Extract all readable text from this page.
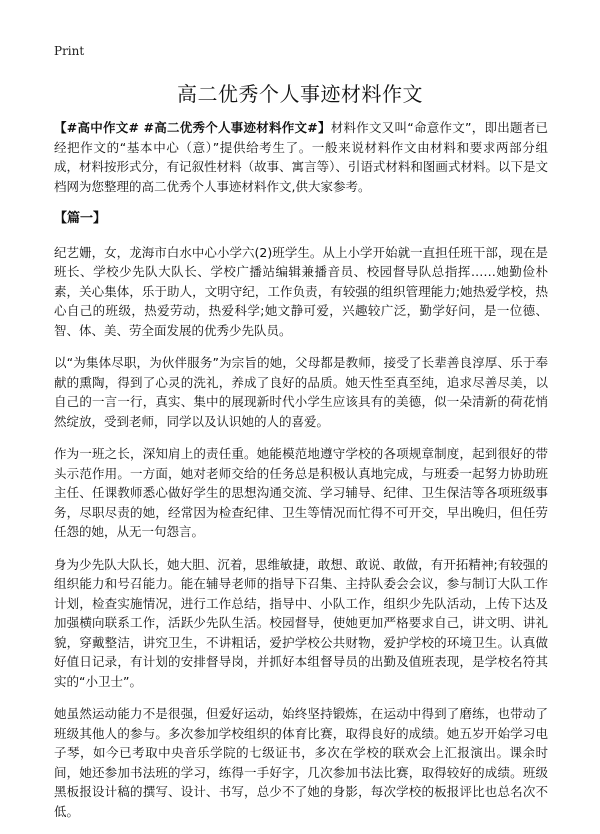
Print
高二优秀个人事迹材料作文

【#高中作文# #高二优秀个人事迹材料作文#】材料作文又叫“命意作文”，即出题者已经把作文的“基本中心（意）”提供给考生了。一般来说材料作文由材料和要求两部分组成，材料按形式分，有记叙性材料（故事、寓言等）、引语式材料和图画式材料。以下是文档网为您整理的高二优秀个人事迹材料作文,供大家参考。

【篇一】

纪艺姗，女，龙海市白水中心小学六(2)班学生。从上小学开始就一直担任班干部，现在是班长、学校少先队大队长、学校广播站编辑兼播音员、校园督导队总指挥……她勤俭朴素，关心集体，乐于助人，文明守纪，工作负责，有较强的组织管理能力;她热爱学校，热心自己的班级，热爱劳动，热爱科学;她文静可爱，兴趣较广泛，勤学好问，是一位德、智、体、美、劳全面发展的优秀少先队员。

以“为集体尽职，为伙伴服务”为宗旨的她，父母都是教师，接受了长辈善良淳厚、乐于奉献的熏陶，得到了心灵的洗礼，养成了良好的品质。她天性至真至纯，追求尽善尽美，以自己的一言一行，真实、集中的展现新时代小学生应该具有的美德，似一朵清新的荷花悄然绽放，受到老师，同学以及认识她的人的喜爱。

作为一班之长，深知肩上的责任重。她能模范地遵守学校的各项规章制度，起到很好的带头示范作用。一方面，她对老师交给的任务总是积极认真地完成，与班委一起努力协助班主任、任课教师悉心做好学生的思想沟通交流、学习辅导、纪律、卫生保洁等各项班级事务，尽职尽责的她，经常因为检查纪律、卫生等情况而忙得不可开交，早出晚归，但任劳任怨的她，从无一句怨言。

身为少先队大队长，她大胆、沉着，思维敏捷，敢想、敢说、敢做，有开拓精神;有较强的组织能力和号召能力。能在辅导老师的指导下召集、主持队委会会议，参与制订大队工作计划，检查实施情况，进行工作总结，指导中、小队工作，组织少先队活动，上传下达及加强横向联系工作，活跃少先队生活。校园督导，使她更加严格要求自己，讲文明、讲礼貌，穿戴整洁，讲究卫生，不讲粗话，爱护学校公共财物，爱护学校的环境卫生。认真做好值日记录，有计划的安排督导岗，并抓好本组督导员的出勤及值班表现，是学校名符其实的“小卫士”。

她虽然运动能力不是很强，但爱好运动，始终坚持锻炼，在运动中得到了磨练，也带动了班级其他人的参与。多次参加学校组织的体育比赛，取得良好的成绩。她五岁开始学习电子琴，如今已考取中央音乐学院的七级证书，多次在学校的联欢会上汇报演出。课余时间，她还参加书法班的学习，练得一手好字，几次参加书法比赛，取得较好的成绩。班级黑板报设计稿的撰写、设计、书写，总少不了她的身影，每次学校的板报评比也总名次不低。
